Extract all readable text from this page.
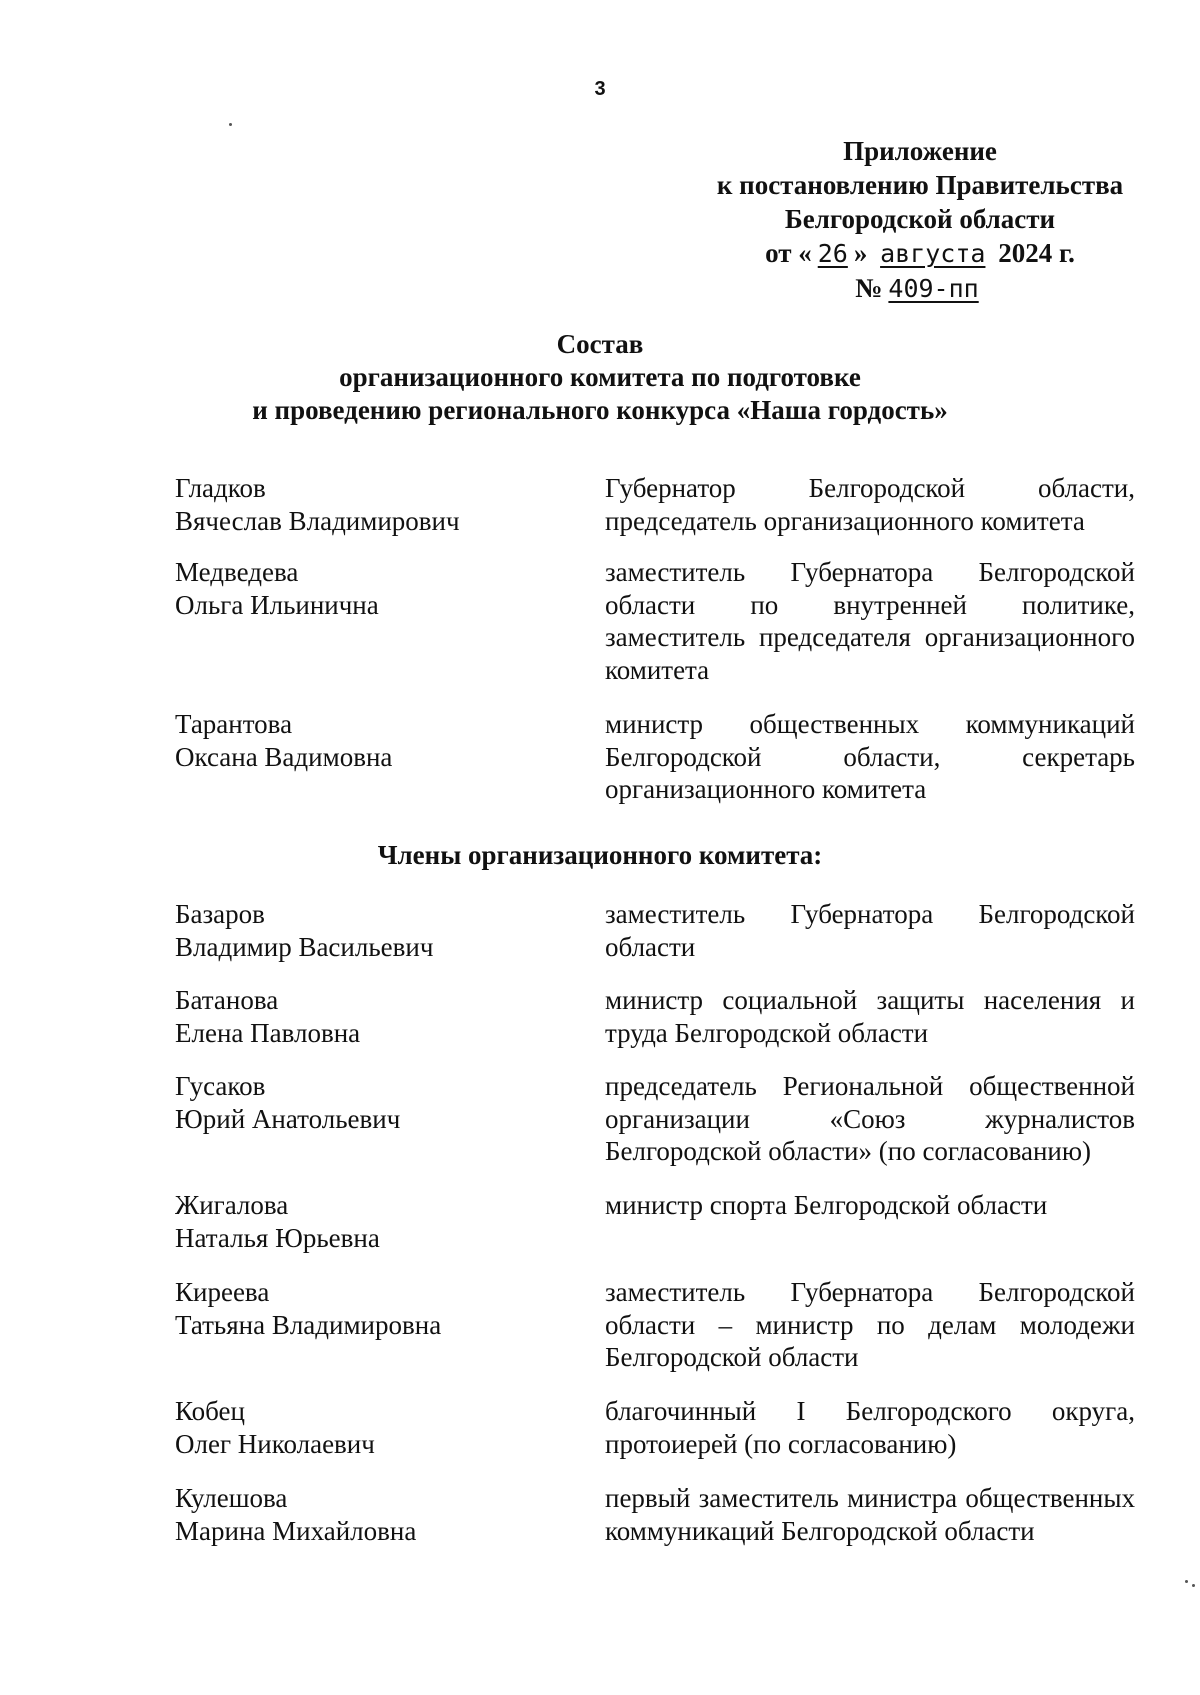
3
Приложение
к постановлению Правительства
Белгородской области
от « 26 » августа 2024 г.
№ 409-пп
Состав
организационного комитета по подготовке
и проведению регионального конкурса «Наша гордость»
Гладков
Вячеслав Владимирович
Губернатор Белгородской области, председатель организационного комитета
Медведева
Ольга Ильинична
заместитель Губернатора Белгородской области по внутренней политике, заместитель председателя организационного комитета
Тарантова
Оксана Вадимовна
министр общественных коммуникаций Белгородской области, секретарь организационного комитета
Члены организационного комитета:
Базаров
Владимир Васильевич
заместитель Губернатора Белгородской области
Батанова
Елена Павловна
министр социальной защиты населения и труда Белгородской области
Гусаков
Юрий Анатольевич
председатель Региональной общественной организации «Союз журналистов Белгородской области» (по согласованию)
Жигалова
Наталья Юрьевна
министр спорта Белгородской области
Киреева
Татьяна Владимировна
заместитель Губернатора Белгородской области – министр по делам молодежи Белгородской области
Кобец
Олег Николаевич
благочинный I Белгородского округа, протоиерей (по согласованию)
Кулешова
Марина Михайловна
первый заместитель министра общественных коммуникаций Белгородской области
